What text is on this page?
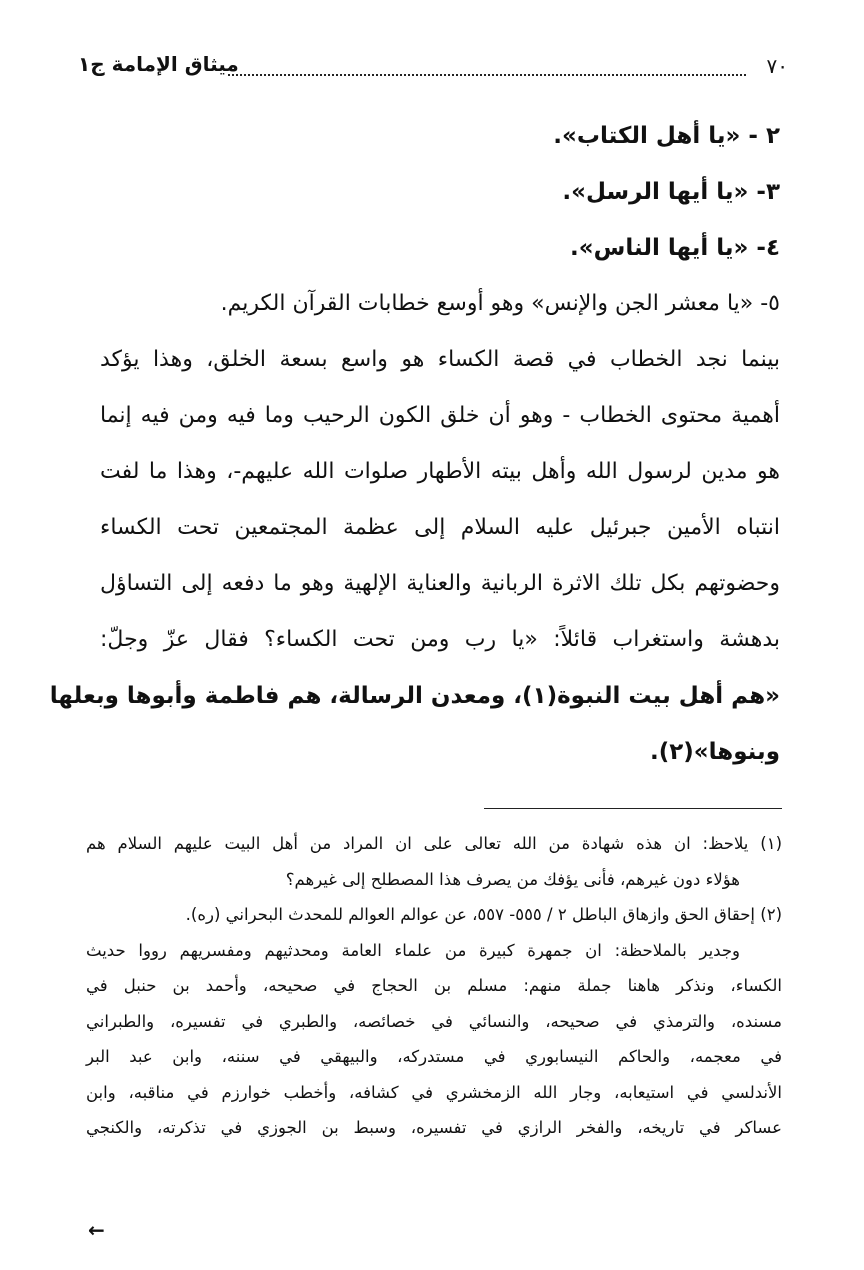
٧٠
ميثاق الإمامة ج١
٢ - «يا أهل الكتاب».
٣- «يا أيها الرسل».
٤- «يا أيها الناس».
٥- «يا معشر الجن والإنس» وهو أوسع خطابات القرآن الكريم.
بينما نجد الخطاب في قصة الكساء هو واسع بسعة الخلق، وهذا يؤكد
أهمية محتوى الخطاب - وهو أن خلق الكون الرحيب وما فيه ومن فيه إنما
هو مدين لرسول الله وأهل بيته الأطهار صلوات الله عليهم-، وهذا ما لفت
انتباه الأمين جبرئيل عليه السلام إلى عظمة المجتمعين تحت الكساء
وحضوتهم بكل تلك الاثرة الربانية والعناية الإلهية وهو ما دفعه إلى التساؤل
بدهشة واستغراب قائلاً: «يا رب ومن تحت الكساء؟ فقال عزّ وجلّ:
«هم أهل بيت النبوة(١)، ومعدن الرسالة، هم فاطمة وأبوها وبعلها
وبنوها»(٢).
(١) يلاحظ: ان هذه شهادة من الله تعالى على ان المراد من أهل البيت عليهم السلام هم
هؤلاء دون غيرهم، فأنى يؤفك من يصرف هذا المصطلح إلى غيرهم؟
(٢) إحقاق الحق وازهاق الباطل ٢ / ٥٥٥- ٥٥٧، عن عوالم العوالم للمحدث البحراني (ره).
وجدير بالملاحظة: ان جمهرة كبيرة من علماء العامة ومحدثيهم ومفسريهم رووا حديث
الكساء، ونذكر هاهنا جملة منهم: مسلم بن الحجاج في صحيحه، وأحمد بن حنبل في
مسنده، والترمذي في صحيحه، والنسائي في خصائصه، والطبري في تفسيره، والطبراني
في معجمه، والحاكم النيسابوري في مستدركه، والبيهقي في سننه، وابن عبد البر
الأندلسي في استيعابه، وجار الله الزمخشري في كشافه، وأخطب خوارزم في مناقبه، وابن
عساكر في تاريخه، والفخر الرازي في تفسيره، وسبط بن الجوزي في تذكرته، والكنجي
←
